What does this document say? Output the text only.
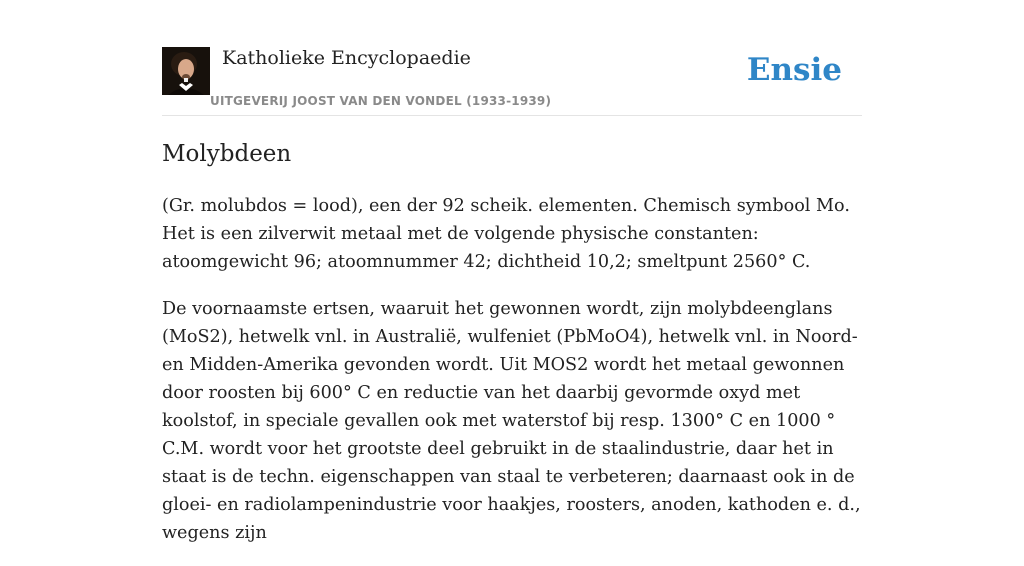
Katholieke Encyclopaedie
UITGEVERIJ JOOST VAN DEN VONDEL (1933-1939)
Ensie
Molybdeen

(Gr. molubdos = lood), een der 92 scheik. elementen. Chemisch symbool Mo. Het is een zilverwit metaal met de volgende physische constanten: atoomgewicht 96; atoomnummer 42; dichtheid 10,2; smeltpunt 2560° C.

De voornaamste ertsen, waaruit het gewonnen wordt, zijn molybdeenglans (MoS2), hetwelk vnl. in Australië, wulfeniet (PbMoO4), hetwelk vnl. in Noord- en Midden-Amerika gevonden wordt. Uit MOS2 wordt het metaal gewonnen door roosten bij 600° C en reductie van het daarbij gevormde oxyd met koolstof, in speciale gevallen ook met waterstof bij resp. 1300° C en 1000 ° C.M. wordt voor het grootste deel gebruikt in de staalindustrie, daar het in staat is de techn. eigenschappen van staal te verbeteren; daarnaast ook in de gloei- en radiolampenindustrie voor haakjes, roosters, anoden, kathoden e. d., wegens zijn
